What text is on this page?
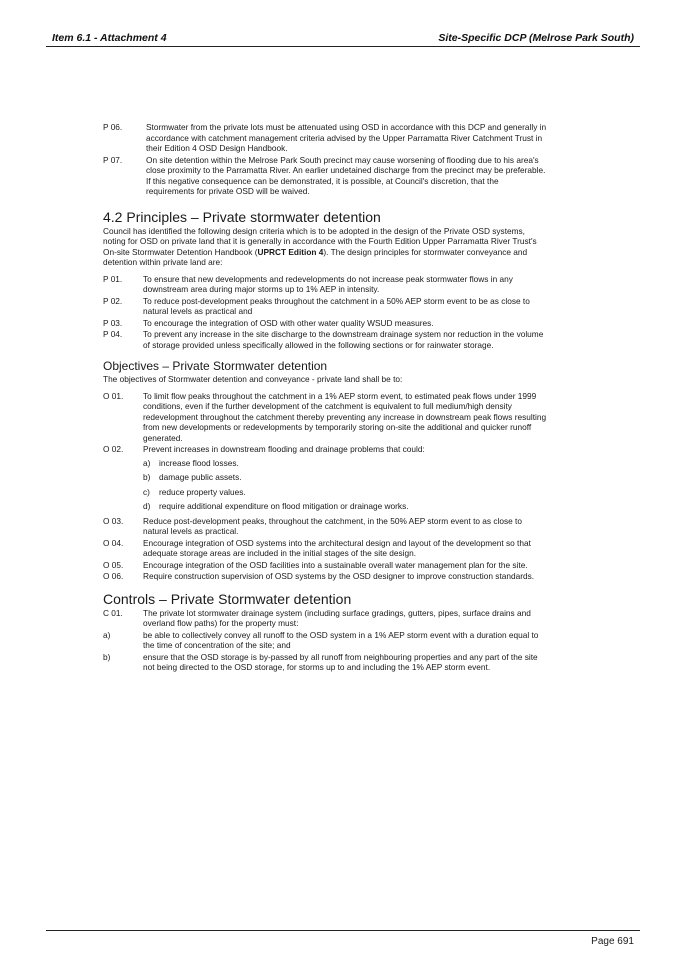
Item 6.1 - Attachment 4	Site-Specific DCP (Melrose Park South)
P 06.	Stormwater from the private lots must be attenuated using OSD in accordance with this DCP and generally in accordance with catchment management criteria advised by the Upper Parramatta River Catchment Trust in their Edition 4 OSD Design Handbook.
P 07.	On site detention within the Melrose Park South precinct may cause worsening of flooding due to his area's close proximity to the Parramatta River. An earlier undetained discharge from the precinct may be preferable. If this negative consequence can be demonstrated, it is possible, at Council's discretion, that the requirements for private OSD will be waived.
4.2 Principles – Private stormwater detention
Council has identified the following design criteria which is to be adopted in the design of the Private OSD systems, noting for OSD on private land that it is generally in accordance with the Fourth Edition Upper Parramatta River Trust's On-site Stormwater Detention Handbook (UPRCT Edition 4). The design principles for stormwater conveyance and detention within private land are:
P 01.	To ensure that new developments and redevelopments do not increase peak stormwater flows in any downstream area during major storms up to 1% AEP in intensity.
P 02.	To reduce post-development peaks throughout the catchment in a 50% AEP storm event to be as close to natural levels as practical and
P 03.	To encourage the integration of OSD with other water quality WSUD measures.
P 04.	To prevent any increase in the site discharge to the downstream drainage system nor reduction in the volume of storage provided unless specifically allowed in the following sections or for rainwater storage.
Objectives – Private Stormwater detention
The objectives of Stormwater detention and conveyance - private land shall be to:
O 01.	To limit flow peaks throughout the catchment in a 1% AEP storm event, to estimated peak flows under 1999 conditions, even if the further development of the catchment is equivalent to full medium/high density redevelopment throughout the catchment thereby preventing any increase in downstream peak flows resulting from new developments or redevelopments by temporarily storing on-site the additional and quicker runoff generated.
O 02.	Prevent increases in downstream flooding and drainage problems that could:
a)	increase flood losses.
b)	damage public assets.
c)	reduce property values.
d)	require additional expenditure on flood mitigation or drainage works.
O 03.	Reduce post-development peaks, throughout the catchment, in the 50% AEP storm event to as close to natural levels as practical.
O 04.	Encourage integration of OSD systems into the architectural design and layout of the development so that adequate storage areas are included in the initial stages of the site design.
O 05.	Encourage integration of the OSD facilities into a sustainable overall water management plan for the site.
O 06.	Require construction supervision of OSD systems by the OSD designer to improve construction standards.
Controls – Private Stormwater detention
C 01.	The private lot stormwater drainage system (including surface gradings, gutters, pipes, surface drains and overland flow paths) for the property must:
a)	be able to collectively convey all runoff to the OSD system in a 1% AEP storm event with a duration equal to the time of concentration of the site; and
b)	ensure that the OSD storage is by-passed by all runoff from neighbouring properties and any part of the site not being directed to the OSD storage, for storms up to and including the 1% AEP storm event.
Page 691
